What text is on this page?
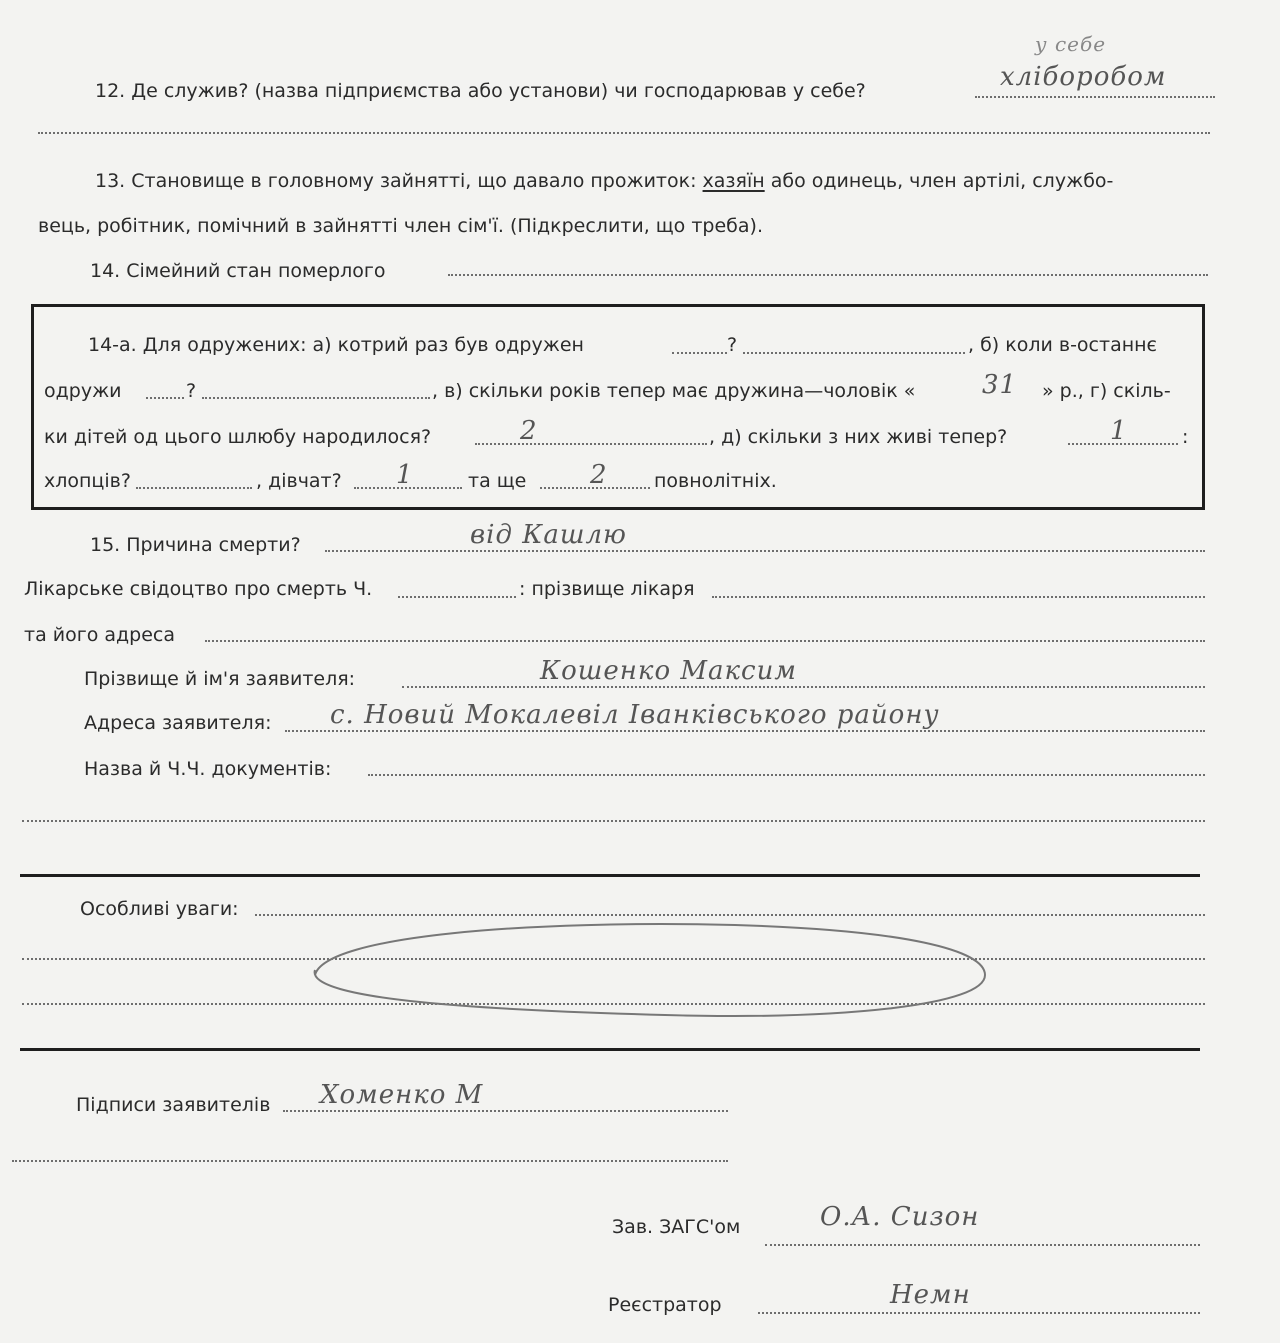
12. Де служив? (назва підприємства або установи) чи господарював у себе?
у себе
хліборобом
13. Становище в головному зайнятті, що давало прожиток: хазяїн або одинець, член артілі, службо-
вець, робітник, помічний в зайнятті член сім'ї. (Підкреслити, що треба).
14. Сімейний стан померлого
14-а. Для одружених: а) котрий раз був одружен	?	, б) коли в-останнє
одружи	?	, в) скільки років тепер має дружина—чоловік «	31 » р., г) скіль-
ки дітей од цього шлюбу народилося?	2	, д) скільки з них живі тепер?	1	:
хлопців?	, дівчат? 1	та ще 2 повнолітніх.
15. Причина смерти?	від Кашлю
Лікарське свідоцтво про смерть Ч.	: прізвище лікаря
та його адреса
Прізвище й ім'я заявителя:	Кошенко Максим
Адреса заявителя: с. Новий Мокалевіл Іванківського району
Назва й Ч.Ч. документів:
Особливі уваги:
Підписи заявителів Хоменко М
Зав. ЗАГС'ом	О.А. Сизон
Реєстратор	Немн
